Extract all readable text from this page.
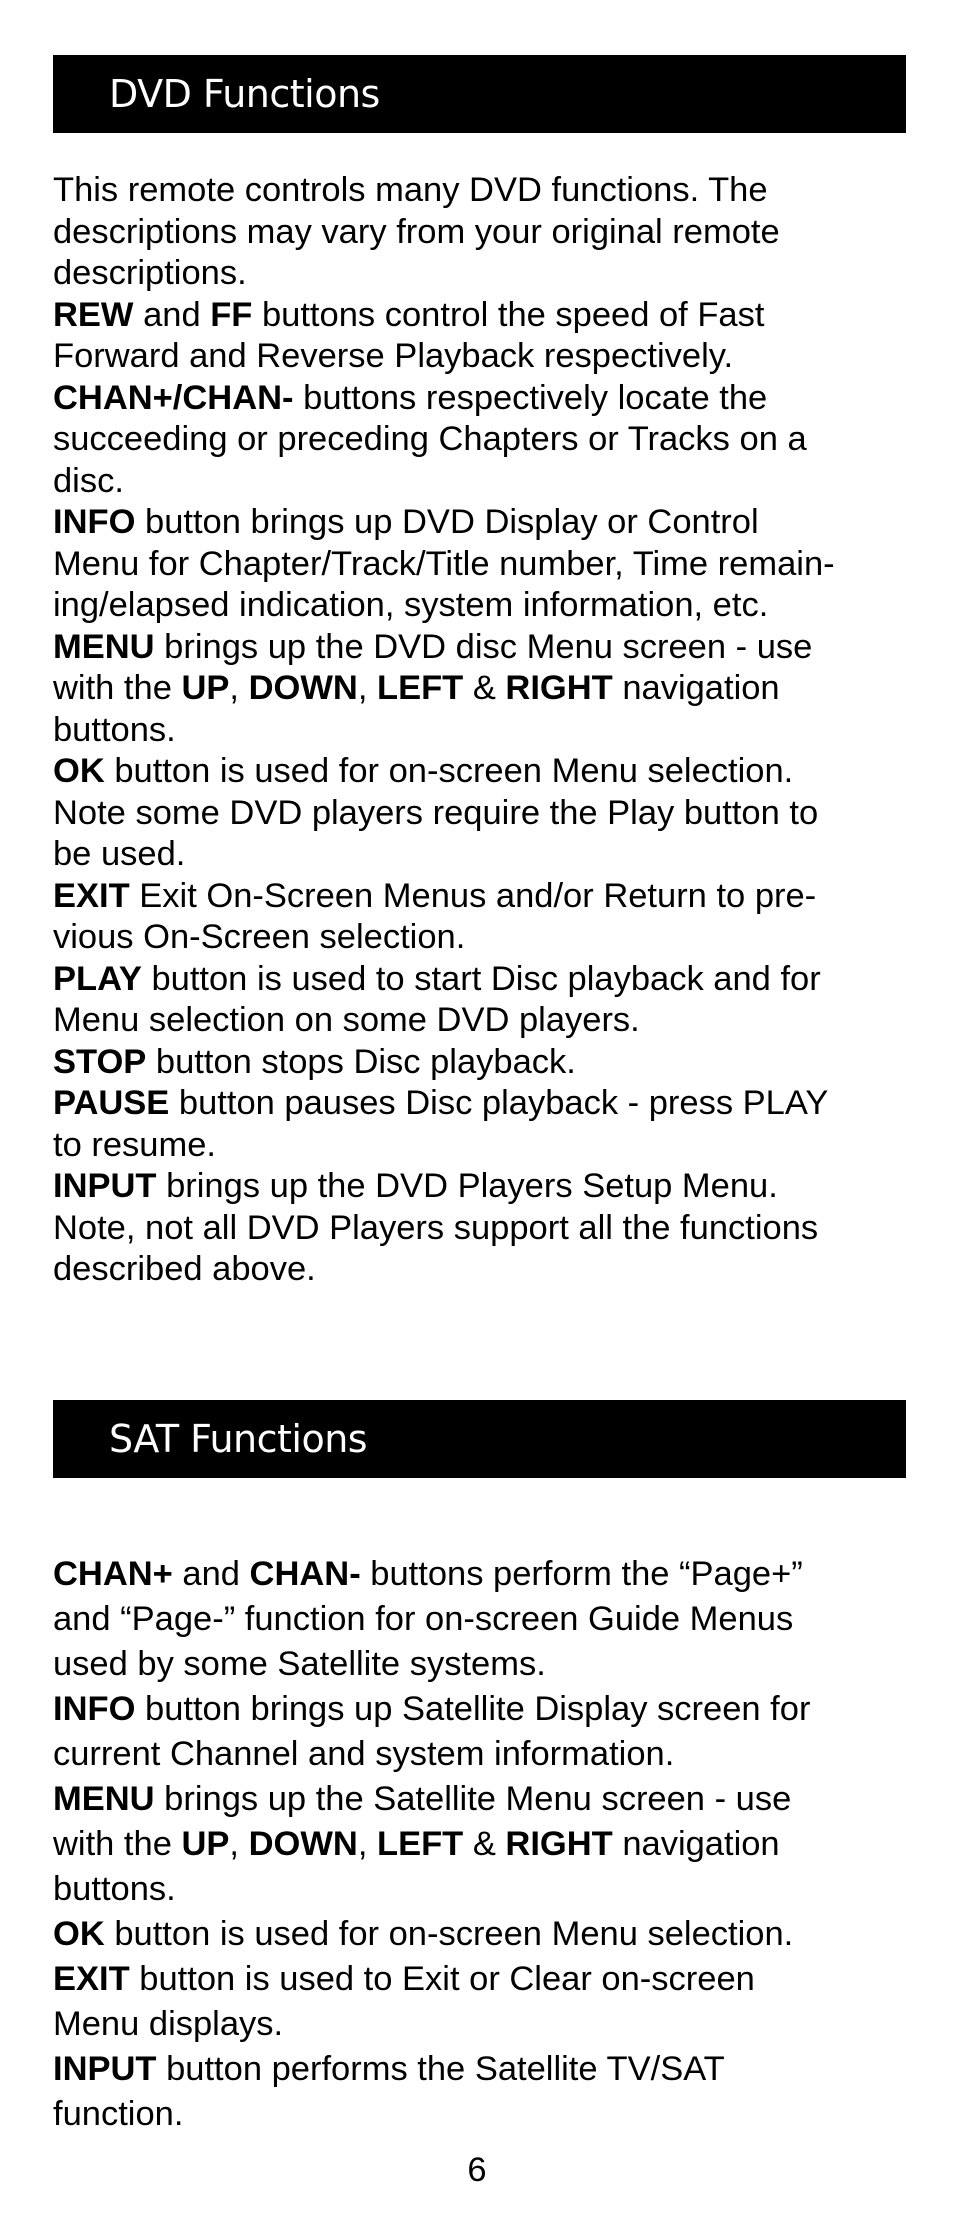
DVD Functions
This remote controls many DVD functions. The
descriptions may vary from your original remote
descriptions.
REW and FF buttons control the speed of Fast
Forward and Reverse Playback respectively.
CHAN+/CHAN- buttons respectively locate the
succeeding or preceding Chapters or Tracks on a
disc.
INFO button brings up DVD Display or Control
Menu for Chapter/Track/Title number, Time remain-
ing/elapsed indication, system information, etc.
MENU brings up the DVD disc Menu screen - use
with the UP, DOWN, LEFT & RIGHT navigation
buttons.
OK button is used for on-screen Menu selection.
Note some DVD players require the Play button to
be used.
EXIT Exit On-Screen Menus and/or Return to pre-
vious On-Screen selection.
PLAY button is used to start Disc playback and for
Menu selection on some DVD players.
STOP button stops Disc playback.
PAUSE button pauses Disc playback - press PLAY
to resume.
INPUT brings up the DVD Players Setup Menu.
Note, not all DVD Players support all the functions
described above.
SAT Functions
CHAN+ and CHAN- buttons perform the “Page+”
and “Page-” function for on-screen Guide Menus
used by some Satellite systems.
INFO button brings up Satellite Display screen for
current Channel and system information.
MENU brings up the Satellite Menu screen - use
with the UP, DOWN, LEFT & RIGHT navigation
buttons.
OK button is used for on-screen Menu selection.
EXIT button is used to Exit or Clear on-screen
Menu displays.
INPUT button performs the Satellite TV/SAT
function.
6
